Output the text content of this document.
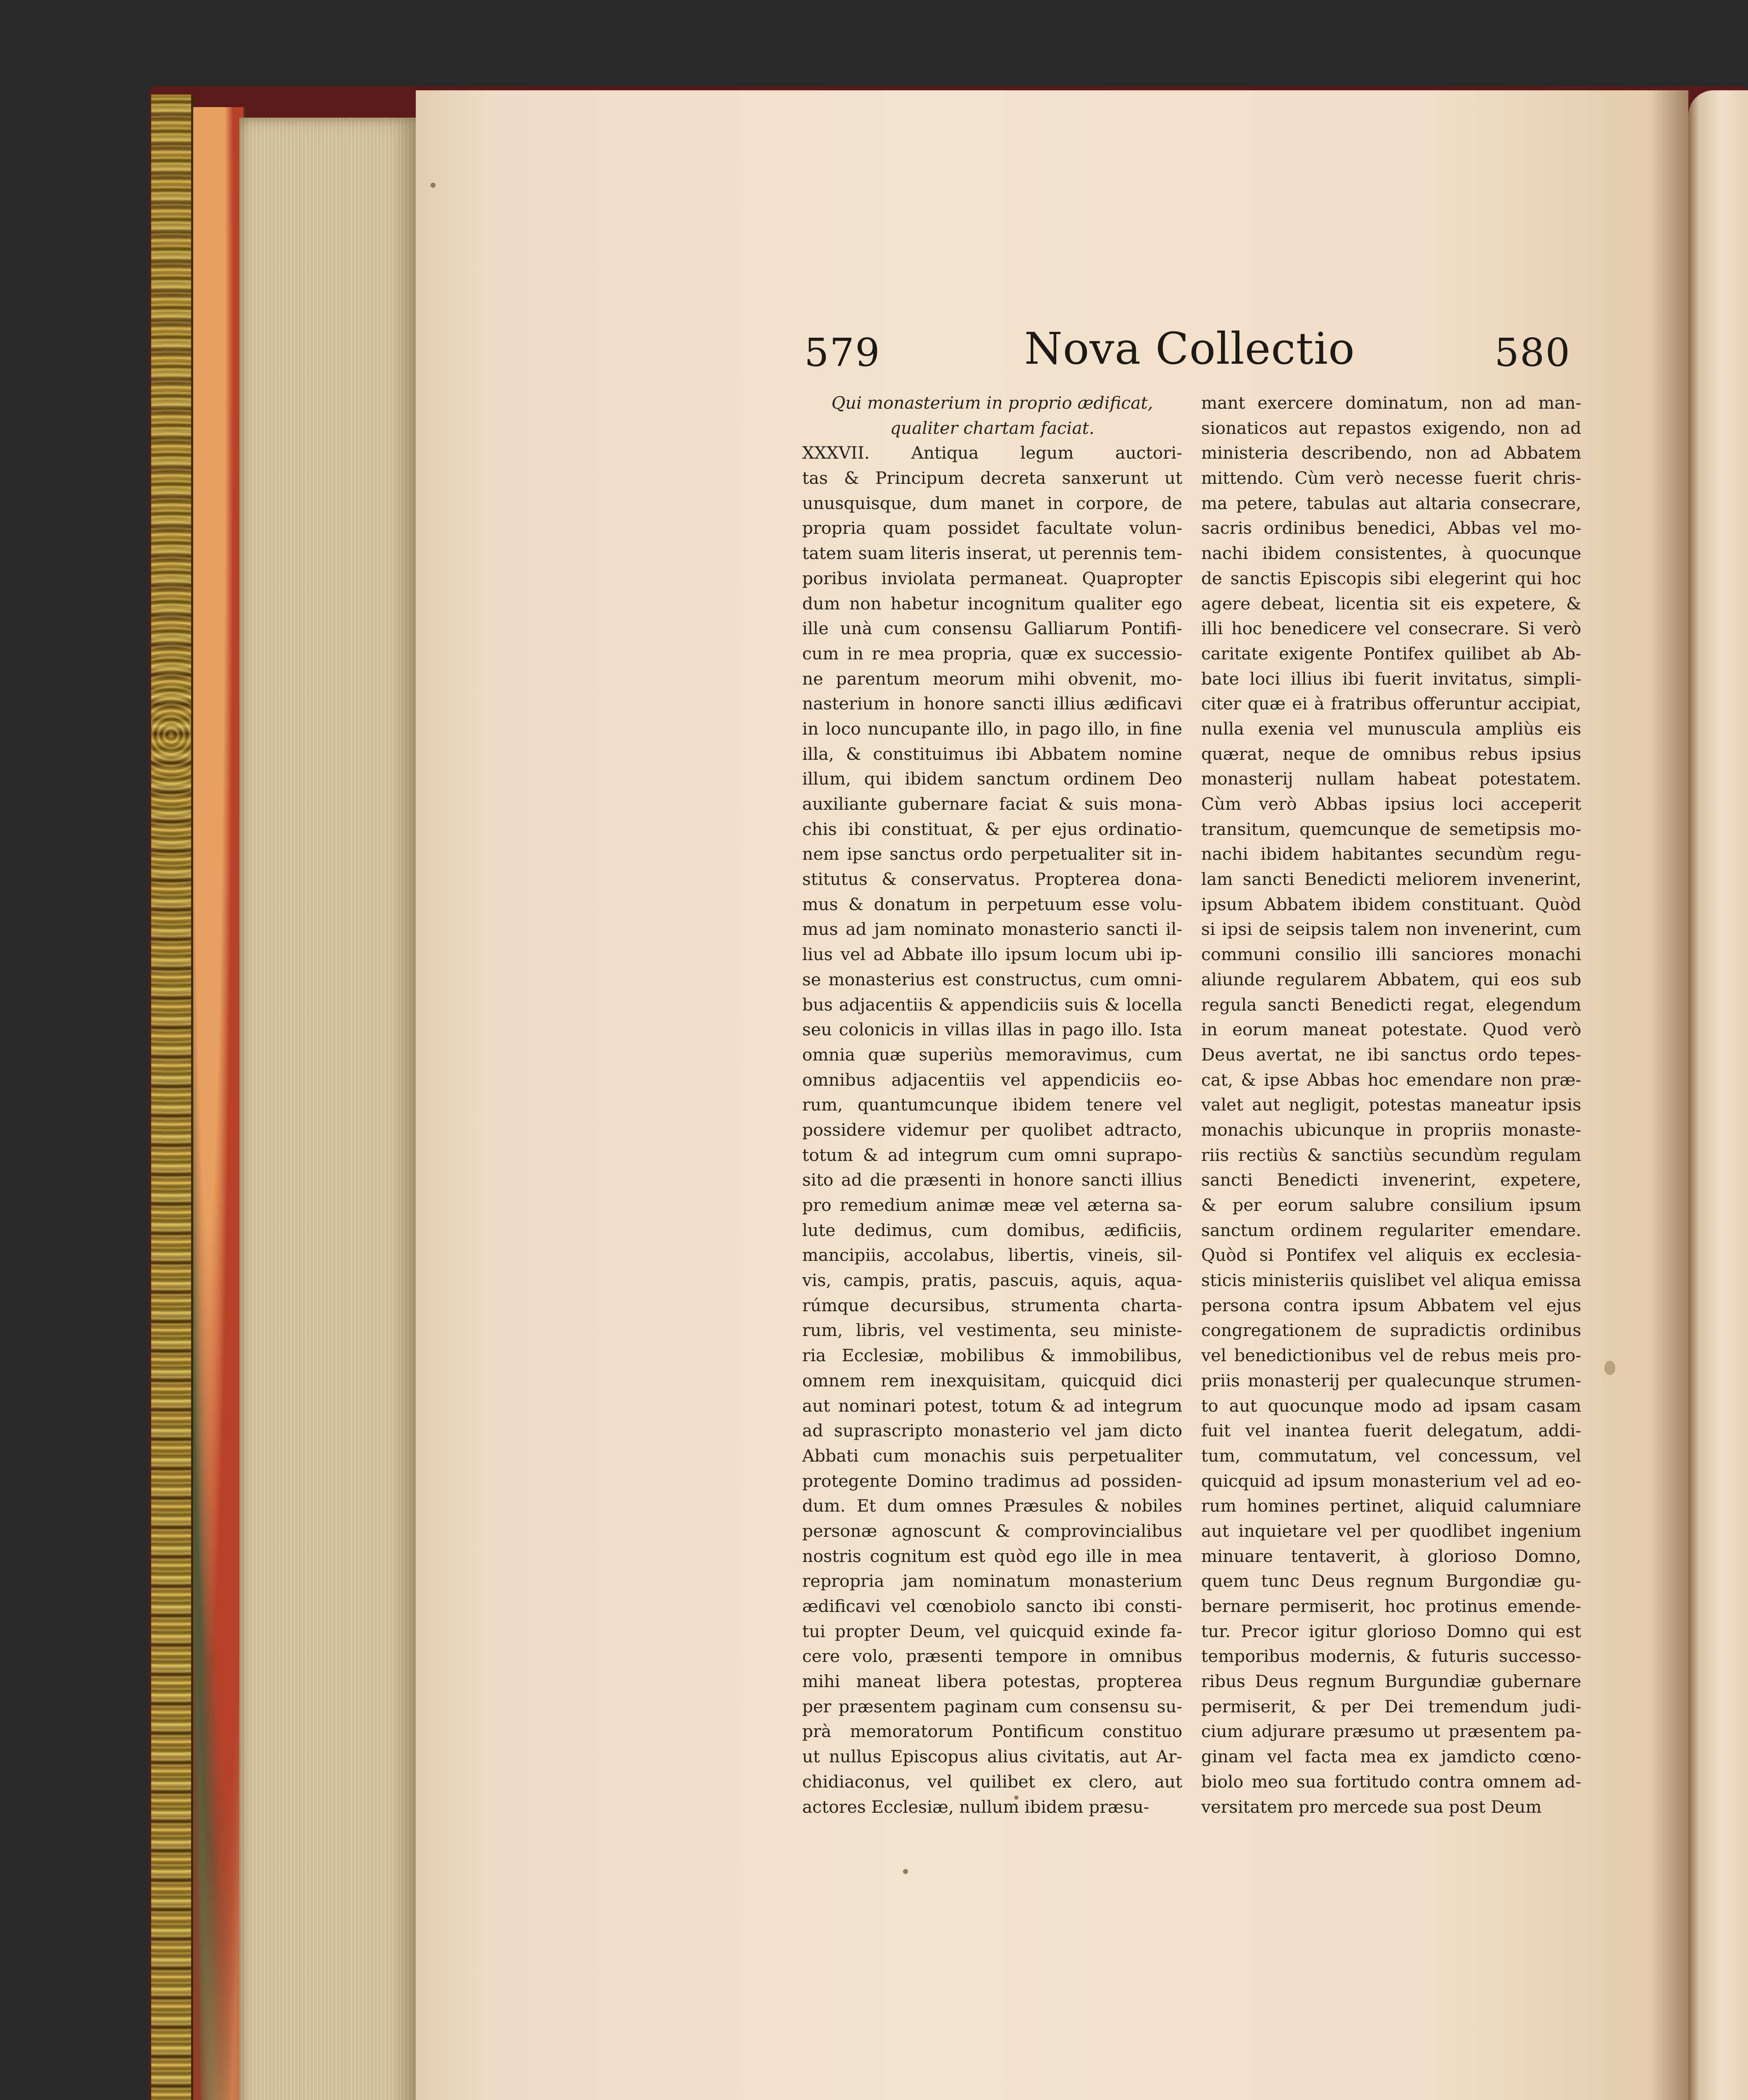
579	Nova Collectio	580
Qui monasterium in proprio ædificat,
qualiter chartam faciat.
XXXVII. Antiqua legum auctori-
tas & Principum decreta sanxerunt ut
unusquisque, dum manet in corpore, de
propria quam possidet facultate volun-
tatem suam literis inserat, ut perennis tem-
poribus inviolata permaneat. Quapropter
dum non habetur incognitum qualiter ego
ille unà cum consensu Galliarum Pontifi-
cum in re mea propria, quæ ex successio-
ne parentum meorum mihi obvenit, mo-
nasterium in honore sancti illius ædificavi
in loco nuncupante illo, in pago illo, in fine
illa, & constituimus ibi Abbatem nomine
illum, qui ibidem sanctum ordinem Deo
auxiliante gubernare faciat & suis mona-
chis ibi constituat, & per ejus ordinatio-
nem ipse sanctus ordo perpetualiter sit in-
stitutus & conservatus. Propterea dona-
mus & donatum in perpetuum esse volu-
mus ad jam nominato monasterio sancti il-
lius vel ad Abbate illo ipsum locum ubi ip-
se monasterius est constructus, cum omni-
bus adjacentiis & appendiciis suis & locella
seu colonicis in villas illas in pago illo. Ista
omnia quæ superiùs memoravimus, cum
omnibus adjacentiis vel appendiciis eo-
rum, quantumcunque ibidem tenere vel
possidere videmur per quolibet adtracto,
totum & ad integrum cum omni suprapo-
sito ad die præsenti in honore sancti illius
pro remedium animæ meæ vel æterna sa-
lute dedimus, cum domibus, ædificiis,
mancipiis, accolabus, libertis, vineis, sil-
vis, campis, pratis, pascuis, aquis, aqua-
rúmque decursibus, strumenta charta-
rum, libris, vel vestimenta, seu ministe-
ria Ecclesiæ, mobilibus & immobilibus,
omnem rem inexquisitam, quicquid dici
aut nominari potest, totum & ad integrum
ad suprascripto monasterio vel jam dicto
Abbati cum monachis suis perpetualiter
protegente Domino tradimus ad possiden-
dum. Et dum omnes Præsules & nobiles
personæ agnoscunt & comprovincialibus
nostris cognitum est quòd ego ille in mea
repropria jam nominatum monasterium
ædificavi vel cœnobiolo sancto ibi consti-
tui propter Deum, vel quicquid exinde fa-
cere volo, præsenti tempore in omnibus
mihi maneat libera potestas, propterea
per præsentem paginam cum consensu su-
prà memoratorum Pontificum constituo
ut nullus Episcopus alius civitatis, aut Ar-
chidiaconus, vel quilibet ex clero, aut
actores Ecclesiæ, nullum ibidem præsu-
mant exercere dominatum, non ad man-
sionaticos aut repastos exigendo, non ad
ministeria describendo, non ad Abbatem
mittendo. Cùm verò necesse fuerit chris-
ma petere, tabulas aut altaria consecrare,
sacris ordinibus benedici, Abbas vel mo-
nachi ibidem consistentes, à quocunque
de sanctis Episcopis sibi elegerint qui hoc
agere debeat, licentia sit eis expetere, &
illi hoc benedicere vel consecrare. Si verò
caritate exigente Pontifex quilibet ab Ab-
bate loci illius ibi fuerit invitatus, simpli-
citer quæ ei à fratribus offeruntur accipiat,
nulla exenia vel munuscula ampliùs eis
quærat, neque de omnibus rebus ipsius
monasterij nullam habeat potestatem.
Cùm verò Abbas ipsius loci acceperit
transitum, quemcunque de semetipsis mo-
nachi ibidem habitantes secundùm regu-
lam sancti Benedicti meliorem invenerint,
ipsum Abbatem ibidem constituant. Quòd
si ipsi de seipsis talem non invenerint, cum
communi consilio illi sanciores monachi
aliunde regularem Abbatem, qui eos sub
regula sancti Benedicti regat, elegendum
in eorum maneat potestate. Quod verò
Deus avertat, ne ibi sanctus ordo tepes-
cat, & ipse Abbas hoc emendare non præ-
valet aut negligit, potestas maneatur ipsis
monachis ubicunque in propriis monaste-
riis rectiùs & sanctiùs secundùm regulam
sancti Benedicti invenerint, expetere,
& per eorum salubre consilium ipsum
sanctum ordinem regulariter emendare.
Quòd si Pontifex vel aliquis ex ecclesia-
sticis ministeriis quislibet vel aliqua emissa
persona contra ipsum Abbatem vel ejus
congregationem de supradictis ordinibus
vel benedictionibus vel de rebus meis pro-
priis monasterij per qualecunque strumen-
to aut quocunque modo ad ipsam casam
fuit vel inantea fuerit delegatum, addi-
tum, commutatum, vel concessum, vel
quicquid ad ipsum monasterium vel ad eo-
rum homines pertinet, aliquid calumniare
aut inquietare vel per quodlibet ingenium
minuare tentaverit, à glorioso Domno,
quem tunc Deus regnum Burgondiæ gu-
bernare permiserit, hoc protinus emende-
tur. Precor igitur glorioso Domno qui est
temporibus modernis, & futuris successo-
ribus Deus regnum Burgundiæ gubernare
permiserit, & per Dei tremendum judi-
cium adjurare præsumo ut præsentem pa-
ginam vel facta mea ex jamdicto cœno-
biolo meo sua fortitudo contra omnem ad-
versitatem pro mercede sua post Deum
